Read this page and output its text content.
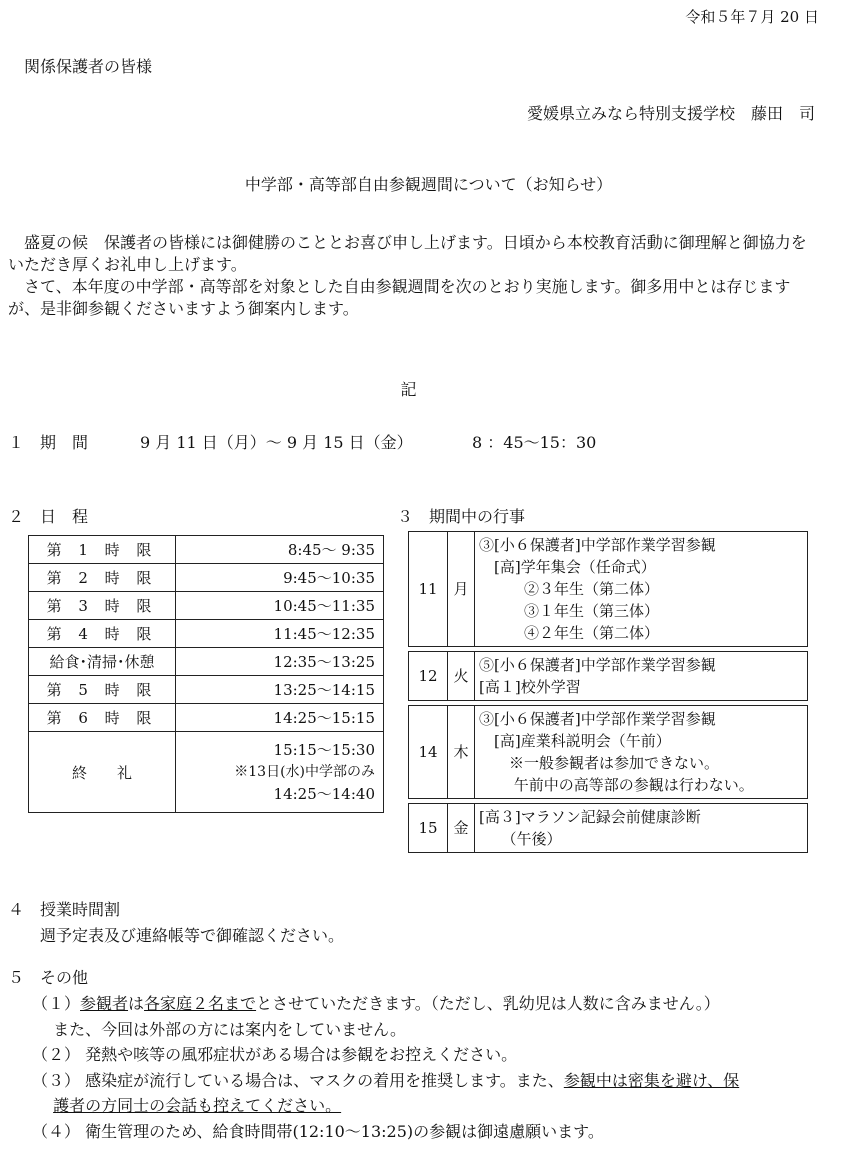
令和５年７月 20 日
関係保護者の皆様
愛媛県立みなら特別支援学校　藤田　司
中学部・高等部自由参観週間について（お知らせ）

盛夏の候　保護者の皆様には御健勝のこととお喜び申し上げます。日頃から本校教育活動に御理解と御協力をいただき厚くお礼申し上げます。

さて、本年度の中学部・高等部を対象とした自由参観週間を次のとおり実施します。御多用中とは存じますが、是非御参観くださいますよう御案内します。

記
１ 期　間	9 月 11 日（月）～ 9 月 15 日（金）	8 ：45～15：30
２　日　程	３　期間中の行事
第 1 時 限	8:45～ 9:35
第 2 時 限	9:45～10:35
第 3 時 限	10:45～11:35
第 4 時 限	11:45～12:35
給食･清掃･休憩	12:35～13:25
第 5 時 限	13:25～14:15
第 6 時 限	14:25～15:15
終　　礼	15:15～15:30
※13日(水)中学部のみ
14:25～14:40
11	月	③[小６保護者]中学部作業学習参観
　[高]学年集会（任命式）
　　　②３年生（第二体）
　　　③１年生（第三体）
　　　④２年生（第二体）

12	火	⑤[小６保護者]中学部作業学習参観
[高１]校外学習

14	木	③[小６保護者]中学部作業学習参観
　[高]産業科説明会（午前）
　　※一般参観者は参加できない。
　　 午前中の高等部の参観は行わない。

15	金	[高３]マラソン記録会前健康診断
　　（午後）
４　授業時間割
週予定表及び連絡帳等で御確認ください。
５　その他
（１）参観者は各家庭２名までとさせていただきます。（ただし、乳幼児は人数に含みません。）
　 また、今回は外部の方には案内をしていません。
（２） 発熱や咳等の風邪症状がある場合は参観をお控えください。
（３） 感染症が流行している場合は、マスクの着用を推奨します。また、参観中は密集を避け、保
　 護者の方同士の会話も控えてください。
（４） 衛生管理のため、給食時間帯(12:10～13:25)の参観は御遠慮願います。
